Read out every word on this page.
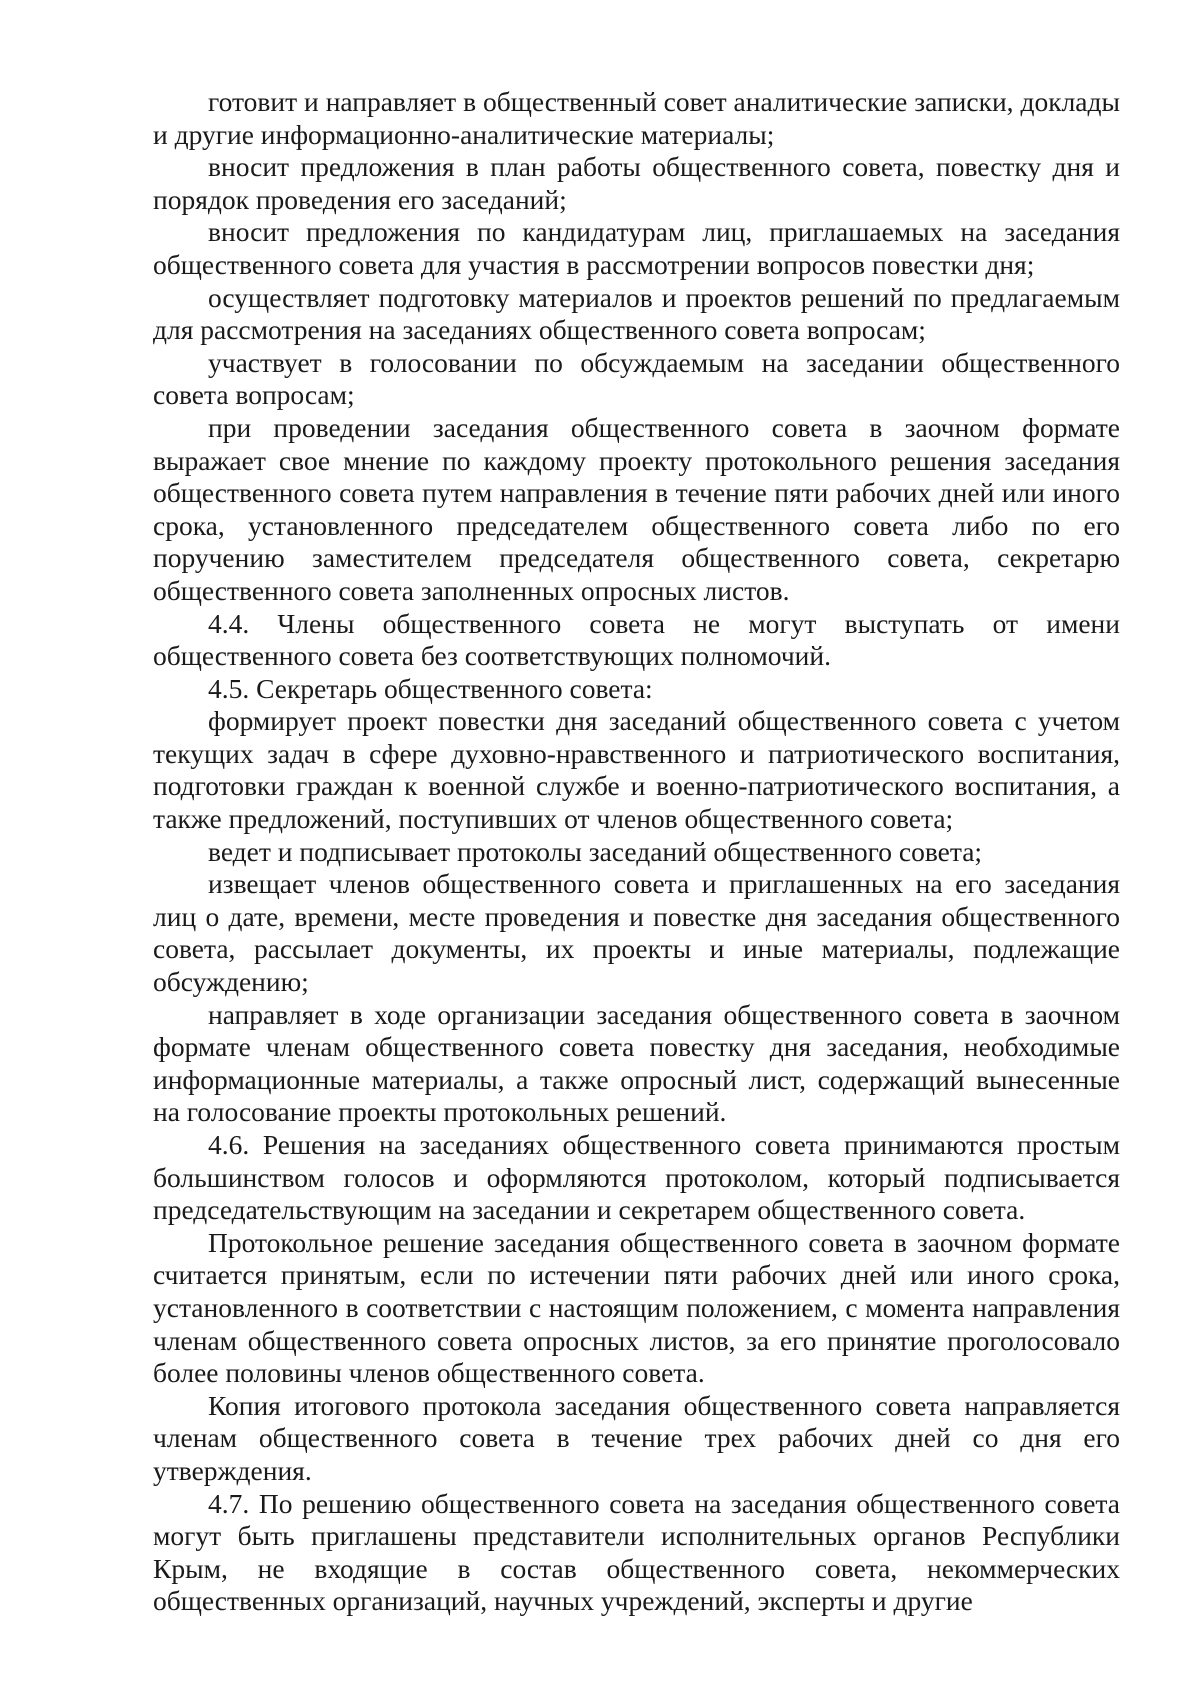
готовит и направляет в общественный совет аналитические записки, доклады и другие информационно-аналитические материалы;

вносит предложения в план работы общественного совета, повестку дня и порядок проведения его заседаний;

вносит предложения по кандидатурам лиц, приглашаемых на заседания общественного совета для участия в рассмотрении вопросов повестки дня;

осуществляет подготовку материалов и проектов решений по предлагаемым для рассмотрения на заседаниях общественного совета вопросам;

участвует в голосовании по обсуждаемым на заседании общественного совета вопросам;

при проведении заседания общественного совета в заочном формате выражает свое мнение по каждому проекту протокольного решения заседания общественного совета путем направления в течение пяти рабочих дней или иного срока, установленного председателем общественного совета либо по его поручению заместителем председателя общественного совета, секретарю общественного совета заполненных опросных листов.

4.4. Члены общественного совета не могут выступать от имени общественного совета без соответствующих полномочий.

4.5. Секретарь общественного совета:

формирует проект повестки дня заседаний общественного совета с учетом текущих задач в сфере духовно-нравственного и патриотического воспитания, подготовки граждан к военной службе и военно-патриотического воспитания, а также предложений, поступивших от членов общественного совета;

ведет и подписывает протоколы заседаний общественного совета;

извещает членов общественного совета и приглашенных на его заседания лиц о дате, времени, месте проведения и повестке дня заседания общественного совета, рассылает документы, их проекты и иные материалы, подлежащие обсуждению;

направляет в ходе организации заседания общественного совета в заочном формате членам общественного совета повестку дня заседания, необходимые информационные материалы, а также опросный лист, содержащий вынесенные на голосование проекты протокольных решений.

4.6. Решения на заседаниях общественного совета принимаются простым большинством голосов и оформляются протоколом, который подписывается председательствующим на заседании и секретарем общественного совета.

Протокольное решение заседания общественного совета в заочном формате считается принятым, если по истечении пяти рабочих дней или иного срока, установленного в соответствии с настоящим положением, с момента направления членам общественного совета опросных листов, за его принятие проголосовало более половины членов общественного совета.

Копия итогового протокола заседания общественного совета направляется членам общественного совета в течение трех рабочих дней со дня его утверждения.

4.7. По решению общественного совета на заседания общественного совета могут быть приглашены представители исполнительных органов Республики Крым, не входящие в состав общественного совета, некоммерческих общественных организаций, научных учреждений, эксперты и другие
